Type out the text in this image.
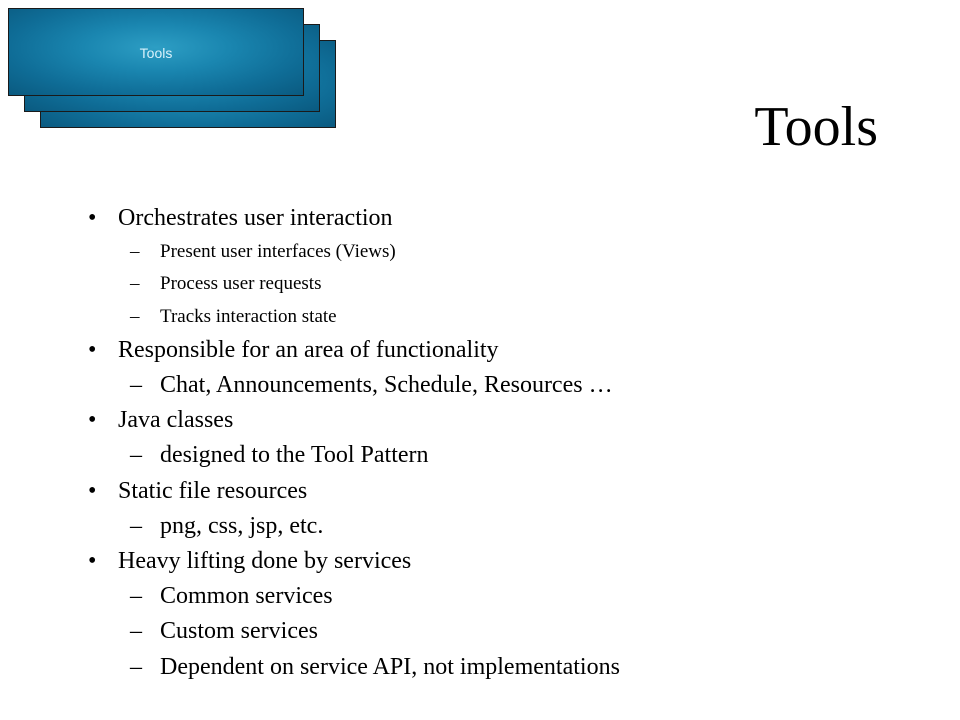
Tools
Tools
• Orchestrates user interaction
– Present user interfaces (Views)
– Process user requests
– Tracks interaction state
• Responsible for an area of functionality
– Chat, Announcements, Schedule, Resources …
• Java classes
– designed to the Tool Pattern
• Static file resources
– png, css, jsp, etc.
• Heavy lifting done by services
– Common services
– Custom services
– Dependent on service API, not implementations
